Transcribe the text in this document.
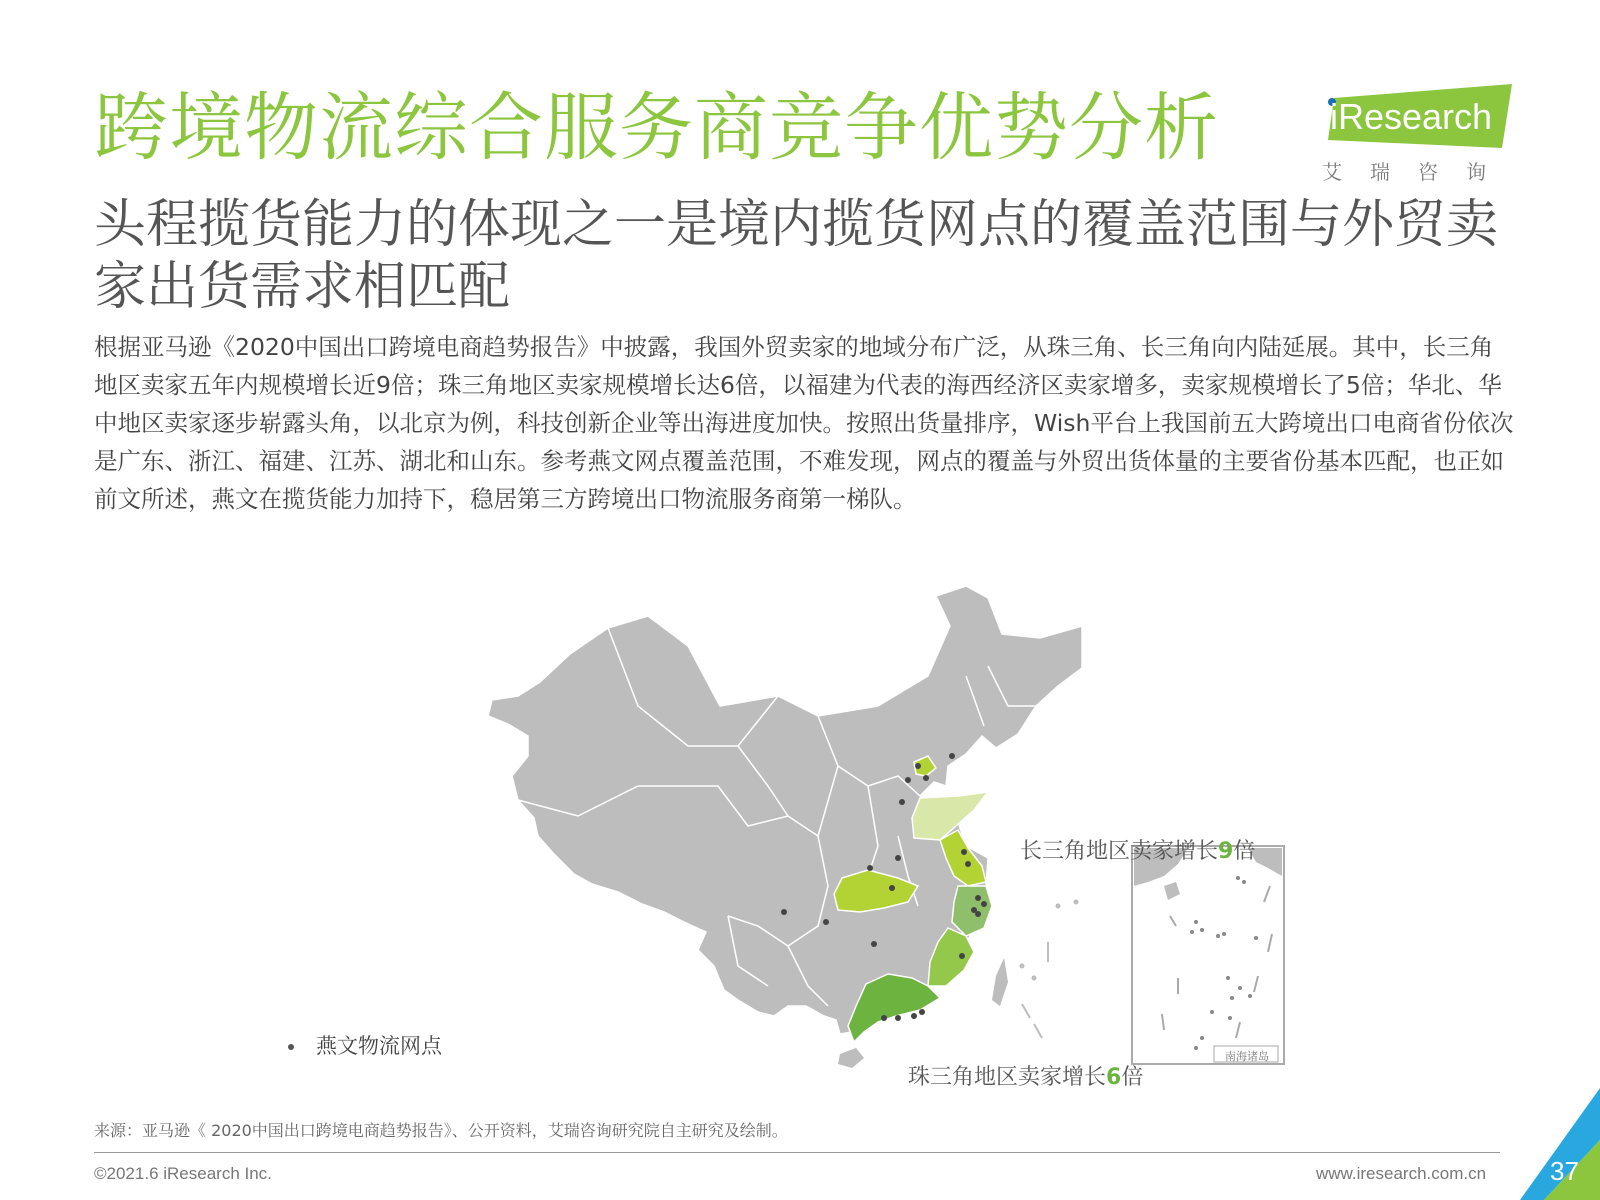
跨境物流综合服务商竞争优势分析	iResearch
艾瑞咨询
头程揽货能力的体现之一是境内揽货网点的覆盖范围与外贸卖家出货需求相匹配
根据亚马逊《2020中国出口跨境电商趋势报告》中披露，我国外贸卖家的地域分布广泛，从珠三角、长三角向内陆延展。其中，长三角地区卖家五年内规模增长近9倍；珠三角地区卖家规模增长达6倍，以福建为代表的海西经济区卖家增多，卖家规模增长了5倍；华北、华中地区卖家逐步崭露头角，以北京为例，科技创新企业等出海进度加快。按照出货量排序，Wish平台上我国前五大跨境出口电商省份依次是广东、浙江、福建、江苏、湖北和山东。参考燕文网点覆盖范围，不难发现，网点的覆盖与外贸出货体量的主要省份基本匹配，也正如前文所述，燕文在揽货能力加持下，稳居第三方跨境出口物流服务商第一梯队。
南海诸岛
长三角地区卖家增长9倍
珠三角地区卖家增长6倍
燕文物流网点
来源：亚马逊《 2020中国出口跨境电商趋势报告》、公开资料，艾瑞咨询研究院自主研究及绘制。
©2021.6 iResearch Inc.	www.iresearch.com.cn 37
